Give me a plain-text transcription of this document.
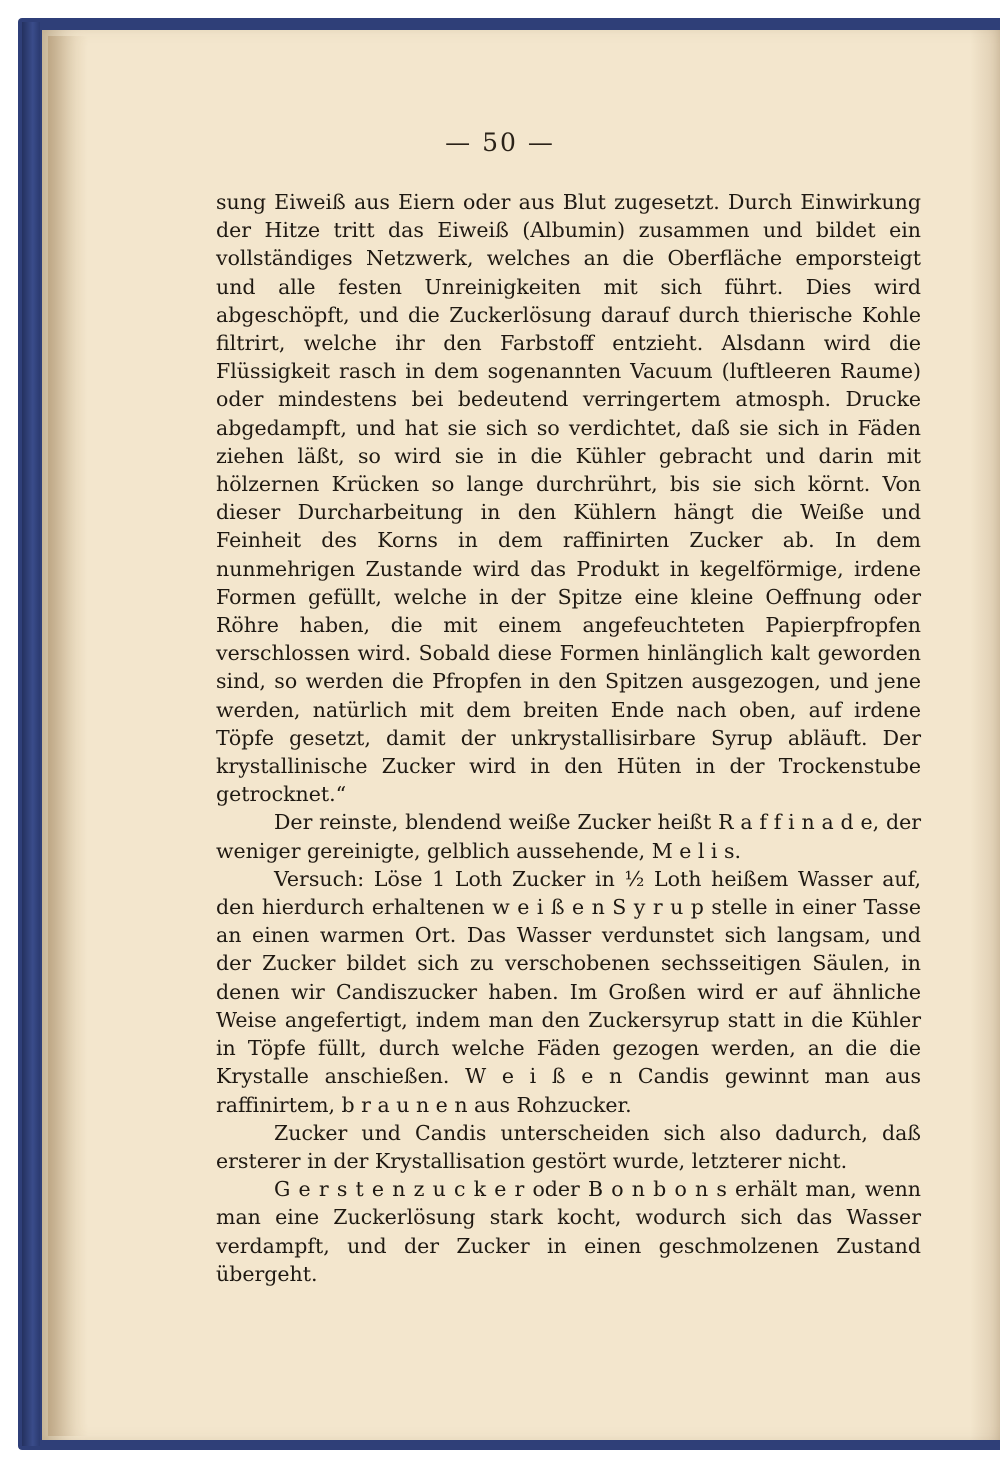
— 50 —

sung Eiweiß aus Eiern oder aus Blut zugesetzt. Durch Einwirkung der Hitze tritt das Eiweiß (Albumin) zusammen und bildet ein vollständiges Netzwerk, welches an die Oberfläche emporsteigt und alle festen Unreinigkeiten mit sich führt. Dies wird abgeschöpft, und die Zuckerlösung darauf durch thierische Kohle filtrirt, welche ihr den Farbstoff entzieht. Alsdann wird die Flüssigkeit rasch in dem sogenannten Vacuum (luftleeren Raume) oder mindestens bei bedeutend verringertem atmosph. Drucke abgedampft, und hat sie sich so verdichtet, daß sie sich in Fäden ziehen läßt, so wird sie in die Kühler gebracht und darin mit hölzernen Krücken so lange durchrührt, bis sie sich körnt. Von dieser Durcharbeitung in den Kühlern hängt die Weiße und Feinheit des Korns in dem raffinirten Zucker ab. In dem nunmehrigen Zustande wird das Produkt in kegelförmige, irdene Formen gefüllt, welche in der Spitze eine kleine Oeffnung oder Röhre haben, die mit einem angefeuchteten Papierpfropfen verschlossen wird. Sobald diese Formen hinlänglich kalt geworden sind, so werden die Pfropfen in den Spitzen ausgezogen, und jene werden, natürlich mit dem breiten Ende nach oben, auf irdene Töpfe gesetzt, damit der unkrystallisirbare Syrup abläuft. Der krystallinische Zucker wird in den Hüten in der Trockenstube getrocknet.“

Der reinste, blendend weiße Zucker heißt R a f f i n a d e, der weniger gereinigte, gelblich aussehende, M e l i s.

Versuch: Löse 1 Loth Zucker in ½ Loth heißem Wasser auf, den hierdurch erhaltenen w e i ß e n S y r u p stelle in einer Tasse an einen warmen Ort. Das Wasser verdunstet sich langsam, und der Zucker bildet sich zu verschobenen sechsseitigen Säulen, in denen wir Candiszucker haben. Im Großen wird er auf ähnliche Weise angefertigt, indem man den Zuckersyrup statt in die Kühler in Töpfe füllt, durch welche Fäden gezogen werden, an die die Krystalle anschießen. W e i ß e n Candis gewinnt man aus raffinirtem, b r a u n e n aus Rohzucker.

Zucker und Candis unterscheiden sich also dadurch, daß ersterer in der Krystallisation gestört wurde, letzterer nicht.

G e r s t e n z u c k e r oder B o n b o n s erhält man, wenn man eine Zuckerlösung stark kocht, wodurch sich das Wasser verdampft, und der Zucker in einen geschmolzenen Zustand übergeht.
